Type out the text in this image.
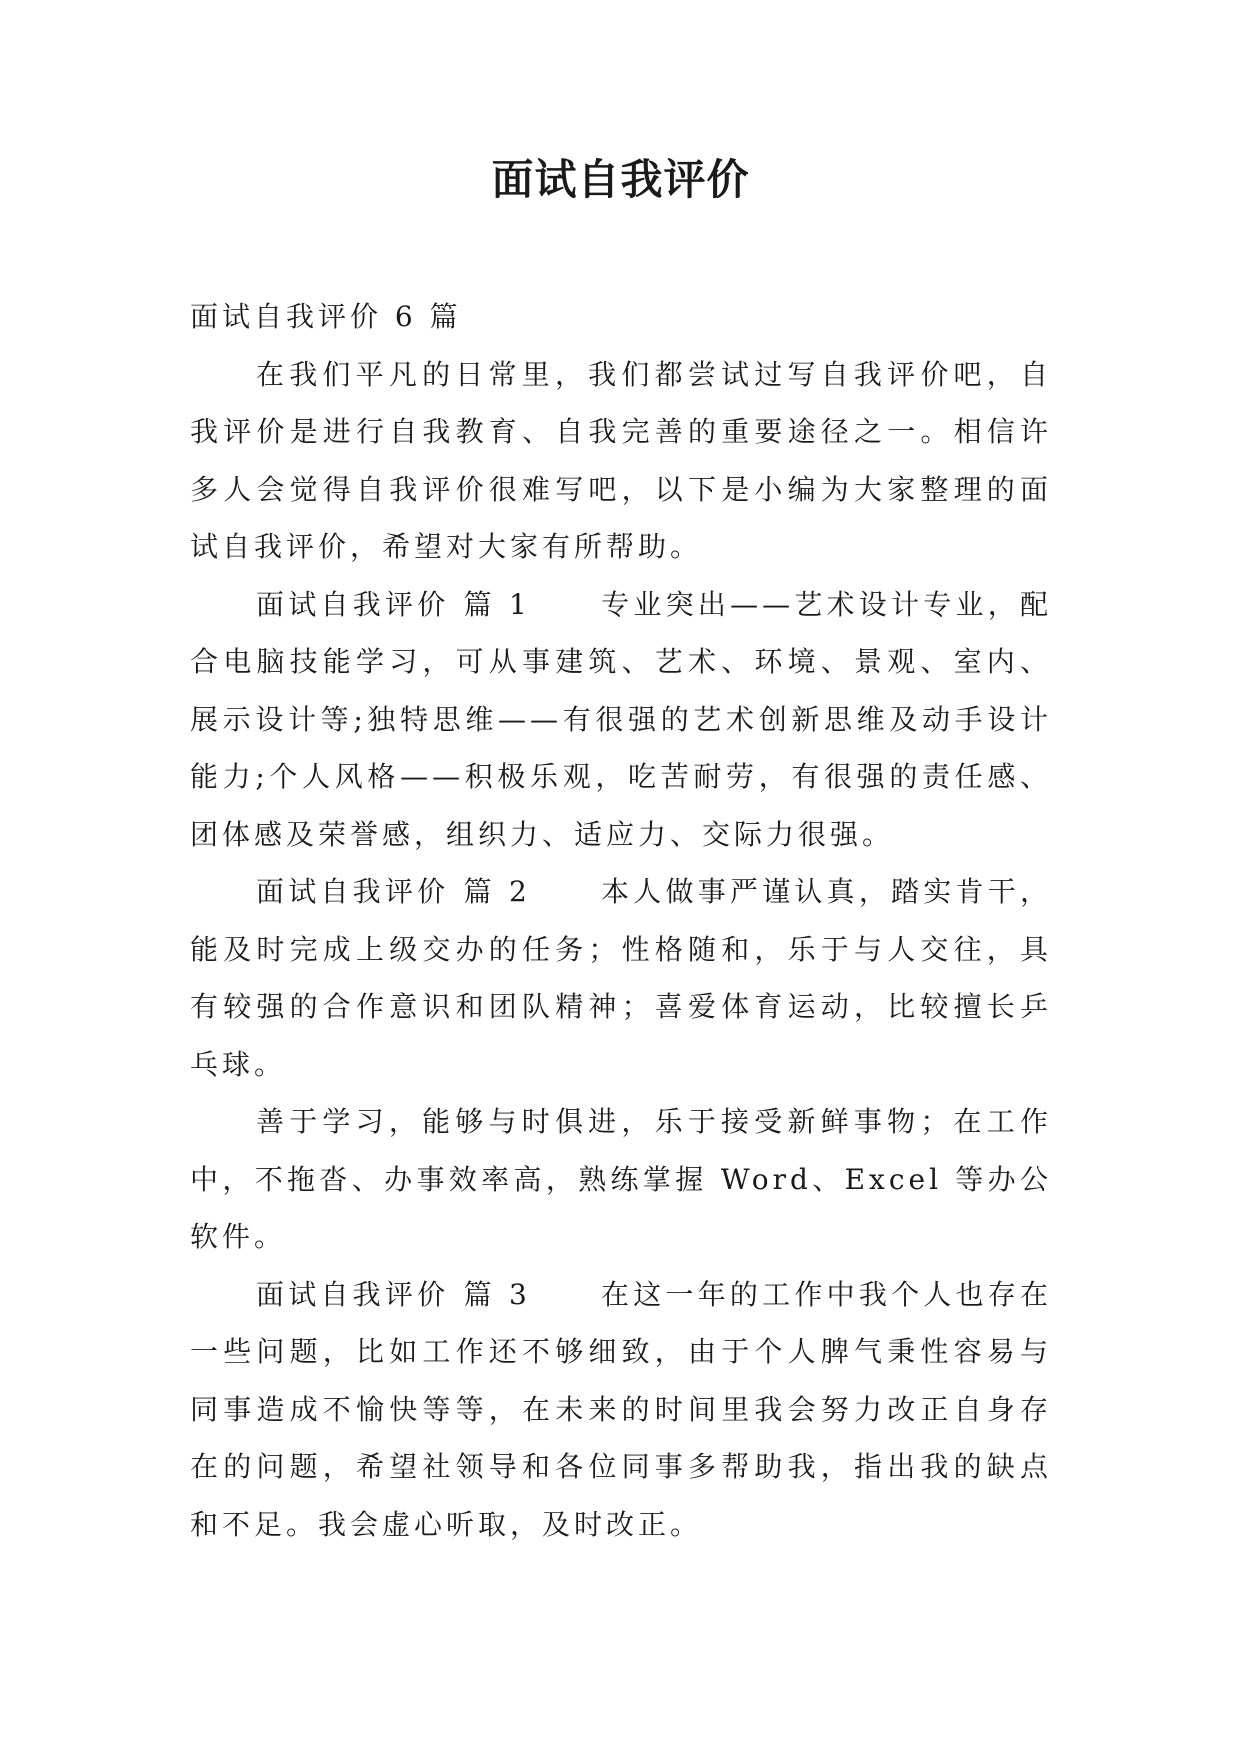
面试自我评价

面试自我评价 6 篇

在我们平凡的日常里，我们都尝试过写自我评价吧，自我评价是进行自我教育、自我完善的重要途径之一。相信许多人会觉得自我评价很难写吧，以下是小编为大家整理的面试自我评价，希望对大家有所帮助。

面试自我评价 篇 1	专业突出——艺术设计专业，配合电脑技能学习，可从事建筑、艺术、环境、景观、室内、展示设计等;独特思维——有很强的艺术创新思维及动手设计能力;个人风格——积极乐观，吃苦耐劳，有很强的责任感、团体感及荣誉感，组织力、适应力、交际力很强。

面试自我评价 篇 2	本人做事严谨认真，踏实肯干，能及时完成上级交办的任务；性格随和，乐于与人交往，具有较强的合作意识和团队精神；喜爱体育运动，比较擅长乒乓球。

善于学习，能够与时俱进，乐于接受新鲜事物；在工作中，不拖沓、办事效率高，熟练掌握 Word、Excel 等办公软件。

面试自我评价 篇 3	在这一年的工作中我个人也存在一些问题，比如工作还不够细致，由于个人脾气秉性容易与同事造成不愉快等等，在未来的时间里我会努力改正自身存在的问题，希望社领导和各位同事多帮助我，指出我的缺点和不足。我会虚心听取，及时改正。
